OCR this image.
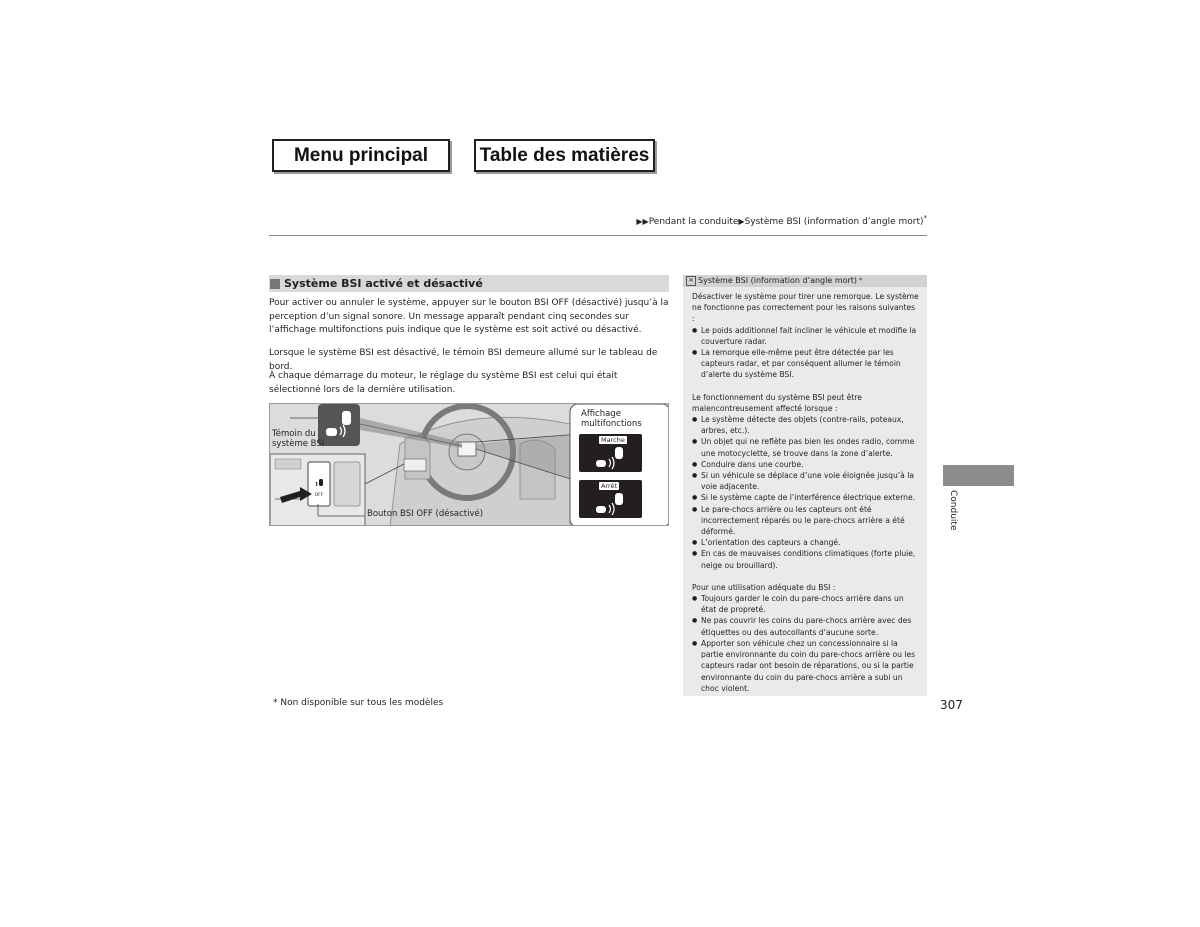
Menu principal	Table des matières
▶▶Pendant la conduite▶Système BSI (information d’angle mort)*
Système BSI activé et désactivé

Pour activer ou annuler le système, appuyer sur le bouton BSI OFF (désactivé) jusqu’à la perception d’un signal sonore. Un message apparaît pendant cinq secondes sur l’affichage multifonctions puis indique que le système est soit activé ou désactivé.

Lorsque le système BSI est désactivé, le témoin BSI demeure allumé sur le tableau de bord.

À chaque démarrage du moteur, le réglage du système BSI est celui qui était sélectionné lors de la dernière utilisation.

Témoin du
système BSI
Affichage
multifonctions
Marche
Arrêt
OFF
Bouton BSI OFF (désactivé)
✕ Système BSI (information d’angle mort) *

Désactiver le système pour tirer une remorque. Le système ne fonctionne pas correctement pour les raisons suivantes :

● Le poids additionnel fait incliner le véhicule et modifie la couverture radar.
● La remorque elle-même peut être détectée par les capteurs radar, et par conséquent allumer le témoin d’alerte du système BSI.

Le fonctionnement du système BSI peut être malencontreusement affecté lorsque :

● Le système détecte des objets (contre-rails, poteaux, arbres, etc.).
● Un objet qui ne reflète pas bien les ondes radio, comme une motocyclette, se trouve dans la zone d’alerte.
● Conduire dans une courbe.
● Si un véhicule se déplace d’une voie éloignée jusqu’à la voie adjacente.
● Si le système capte de l’interférence électrique externe.
● Le pare-chocs arrière ou les capteurs ont été incorrectement réparés ou le pare-chocs arrière a été déformé.
● L’orientation des capteurs a changé.
● En cas de mauvaises conditions climatiques (forte pluie, neige ou brouillard).

Pour une utilisation adéquate du BSI :

● Toujours garder le coin du pare-chocs arrière dans un état de propreté.
● Ne pas couvrir les coins du pare-chocs arrière avec des étiquettes ou des autocollants d’aucune sorte.
● Apporter son véhicule chez un concessionnaire si la partie environnante du coin du pare-chocs arrière ou les capteurs radar ont besoin de réparations, ou si la partie environnante du coin du pare-chocs arrière a subi un choc violent.
Conduite
* Non disponible sur tous les modèles	307
